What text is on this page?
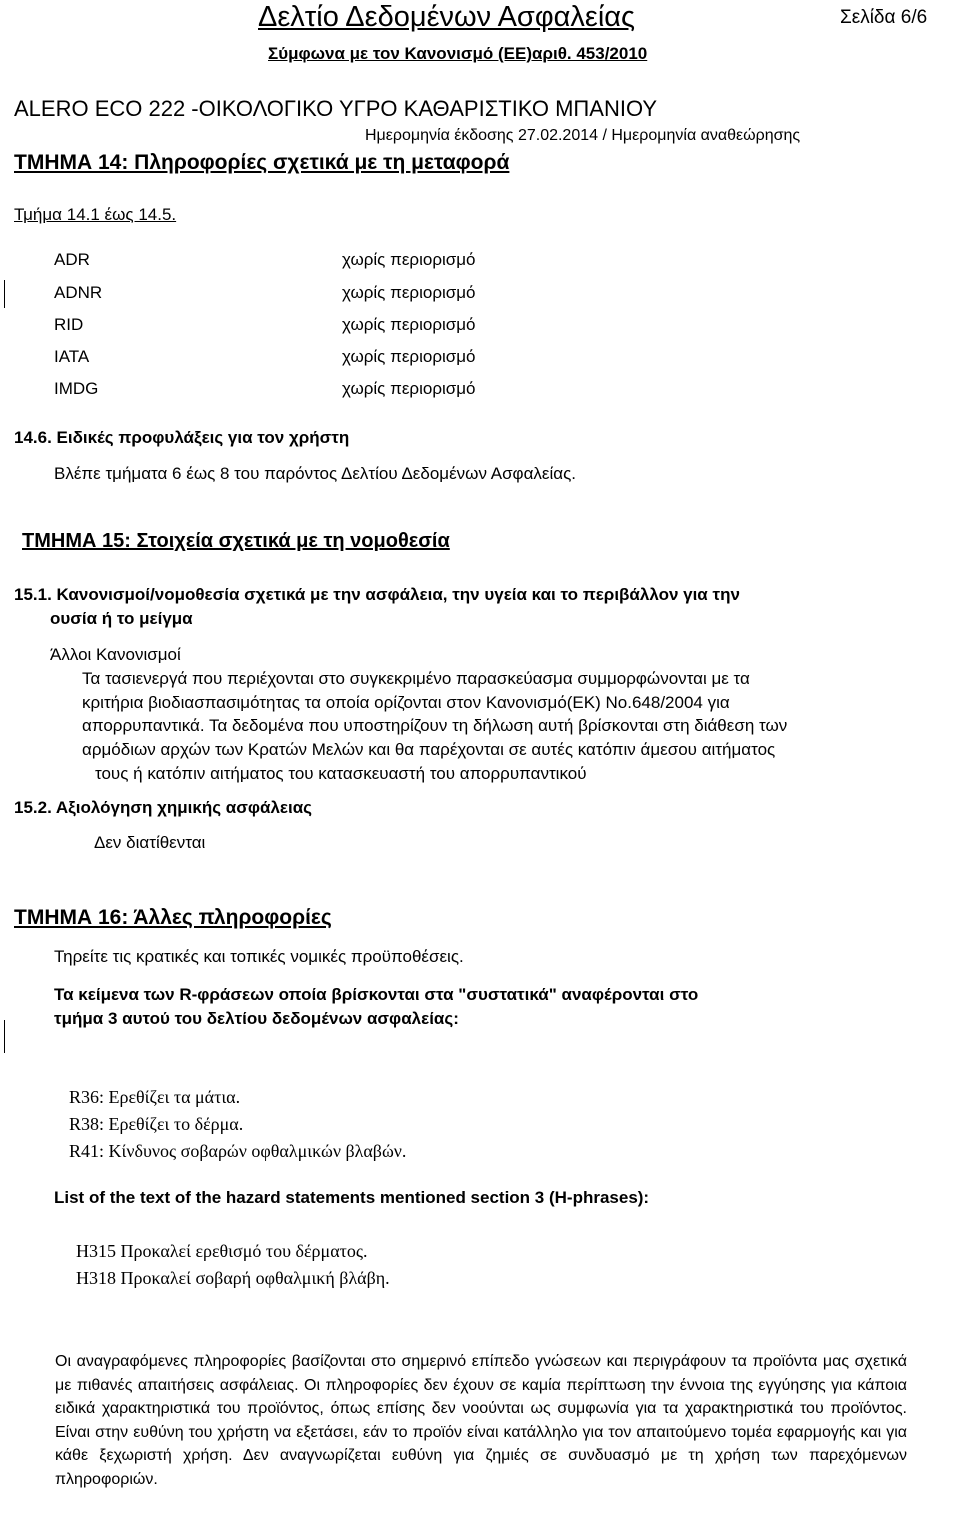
Δελτίο Δεδομένων Ασφαλείας	Σελίδα 6/6
Σύμφωνα με τον Κανονισμό (ΕΕ)αριθ. 453/2010
ALERO ECO 222 -ΟΙΚΟΛΟΓΙΚΟ ΥΓΡΟ ΚΑΘΑΡΙΣΤΙΚΟ ΜΠΑΝΙΟΥ
Ημερομηνία έκδοσης 27.02.2014 / Ημερομηνία αναθεώρησης
ΤΜΗΜΑ 14: Πληροφορίες σχετικά με τη μεταφορά
Τμήμα 14.1 έως 14.5.
ADR	χωρίς περιορισμό
ADNR	χωρίς περιορισμό
RID	χωρίς περιορισμό
IATA	χωρίς περιορισμό
IMDG	χωρίς περιορισμό
14.6. Ειδικές προφυλάξεις για τον χρήστη
Βλέπε τμήματα 6 έως 8 του παρόντος Δελτίου Δεδομένων Ασφαλείας.
ΤΜΗΜΑ 15: Στοιχεία σχετικά με τη νομοθεσία
15.1. Κανονισμοί/νομοθεσία σχετικά με την ασφάλεια, την υγεία και το περιβάλλον για την
ουσία ή το μείγμα
Άλλοι Κανονισμοί
Τα τασιενεργά που περιέχονται στο συγκεκριμένο παρασκεύασμα συμμορφώνονται με τα
κριτήρια βιοδιασπασιμότητας τα οποία ορίζονται στον Κανονισμό(ΕΚ) Νο.648/2004 για
απορρυπαντικά. Τα δεδομένα που υποστηρίζουν τη δήλωση αυτή βρίσκονται στη διάθεση των
αρμόδιων αρχών των Κρατών Μελών και θα παρέχονται σε αυτές κατόπιν άμεσου αιτήματος
τους ή κατόπιν αιτήματος του κατασκευαστή του απορρυπαντικού
15.2. Αξιολόγηση χημικής ασφάλειας
Δεν διατίθενται
ΤΜΗΜΑ 16: Άλλες πληροφορίες
Τηρείτε τις κρατικές και τοπικές νομικές προϋποθέσεις.
Τα κείμενα των R-φράσεων οποία βρίσκονται στα "συστατικά" αναφέρονται στο
τμήμα 3 αυτού του δελτίου δεδομένων ασφαλείας:
R36: Ερεθίζει τα μάτια.
R38: Ερεθίζει το δέρμα.
R41: Κίνδυνος σοβαρών οφθαλμικών βλαβών.
List of the text of the hazard statements mentioned section 3 (H-phrases):
H315 Προκαλεί ερεθισμό του δέρματος.
H318 Προκαλεί σοβαρή οφθαλμική βλάβη.
Οι αναγραφόμενες πληροφορίες βασίζονται στο σημερινό επίπεδο γνώσεων και περιγράφουν τα προϊόντα μας σχετικά με πιθανές απαιτήσεις ασφάλειας. Οι πληροφορίες δεν έχουν σε καμία περίπτωση την έννοια της εγγύησης για κάποια ειδικά χαρακτηριστικά του προϊόντος, όπως επίσης δεν νοούνται ως συμφωνία για τα χαρακτηριστικά του προϊόντος. Είναι στην ευθύνη του χρήστη να εξετάσει, εάν το προϊόν είναι κατάλληλο για τον απαιτούμενο τομέα εφαρμογής και για κάθε ξεχωριστή χρήση. Δεν αναγνωρίζεται ευθύνη για ζημιές σε συνδυασμό με τη χρήση των παρεχόμενων πληροφοριών.
